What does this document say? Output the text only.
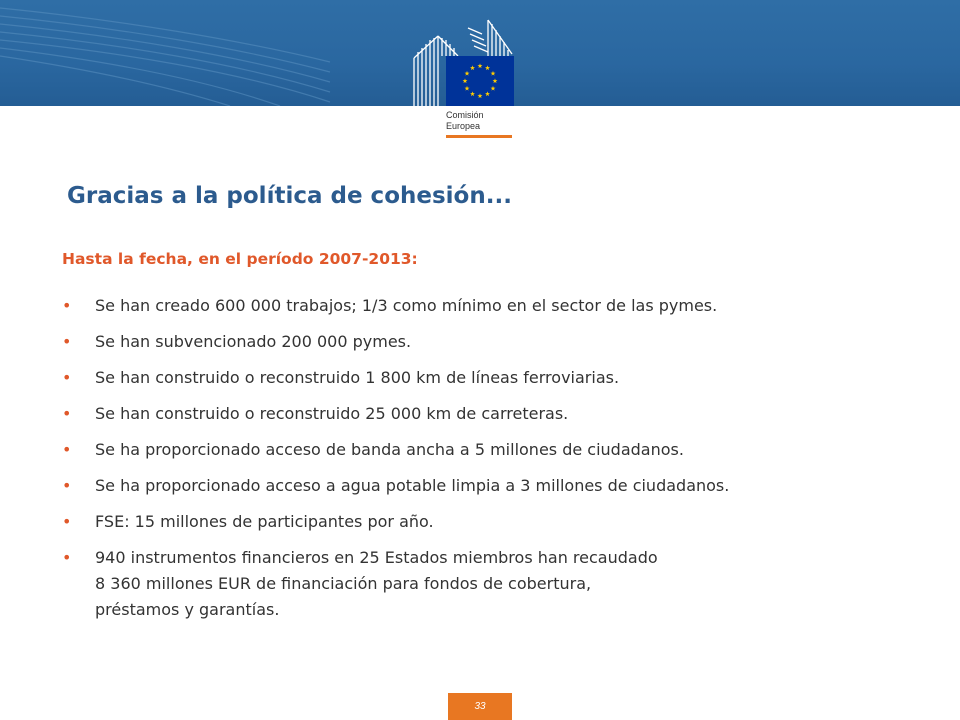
Comisión
Europea
Gracias a la política de cohesión...
Hasta la fecha, en el período 2007-2013:
• Se han creado 600 000 trabajos; 1/3 como mínimo en el sector de las pymes.
• Se han subvencionado 200 000 pymes.
• Se han construido o reconstruido 1 800 km de líneas ferroviarias.
• Se han construido o reconstruido 25 000 km de carreteras.
• Se ha proporcionado acceso de banda ancha a 5 millones de ciudadanos.
• Se ha proporcionado acceso a agua potable limpia a 3 millones de ciudadanos.
• FSE: 15 millones de participantes por año.
• 940 instrumentos financieros en 25 Estados miembros han recaudado
8 360 millones EUR de financiación para fondos de cobertura,
préstamos y garantías.
33
